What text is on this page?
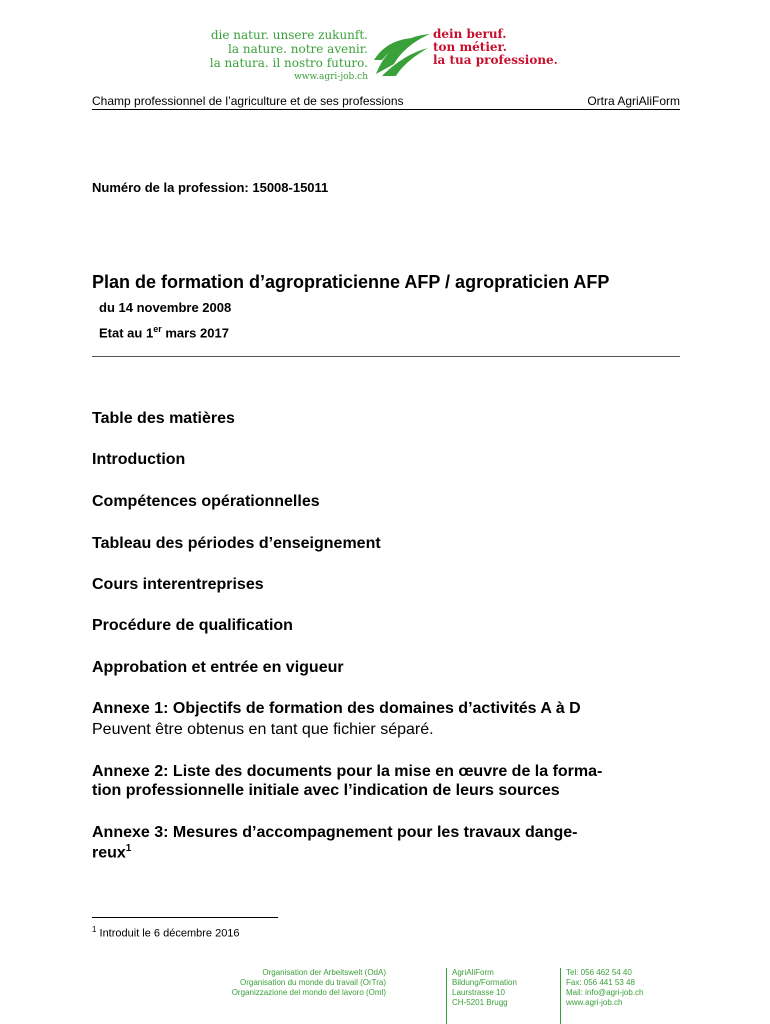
die natur. unsere zukunft.
la nature. notre avenir.
la natura. il nostro futuro.
www.agri-job.ch
dein beruf.
ton métier.
la tua professione.
Champ professionnel de l’agriculture et de ses professions	Ortra AgriAliForm
Numéro de la profession: 15008-15011
Plan de formation d’agropraticienne AFP / agropraticien AFP
du 14 novembre 2008
Etat au 1er mars 2017
Table des matières
Introduction
Compétences opérationnelles
Tableau des périodes d’enseignement
Cours interentreprises
Procédure de qualification
Approbation et entrée en vigueur
Annexe 1: Objectifs de formation des domaines d’activités A à D
Peuvent être obtenus en tant que fichier séparé.
Annexe 2: Liste des documents pour la mise en œuvre de la forma-
tion professionnelle initiale avec l’indication de leurs sources
Annexe 3: Mesures d’accompagnement pour les travaux dange-
reux$^1$
$^1$ Introduit le 6 décembre 2016
Organisation der Arbeitswelt (OdA)
Organisation du monde du travail (OrTra)
Organizzazione del mondo del lavoro (Oml)
AgriAliForm
Bildung/Formation
Laurstrasse 10
CH-5201 Brugg
Tel: 056 462 54 40
Fax: 056 441 53 48
Mail: info@agri-job.ch
www.agri-job.ch
